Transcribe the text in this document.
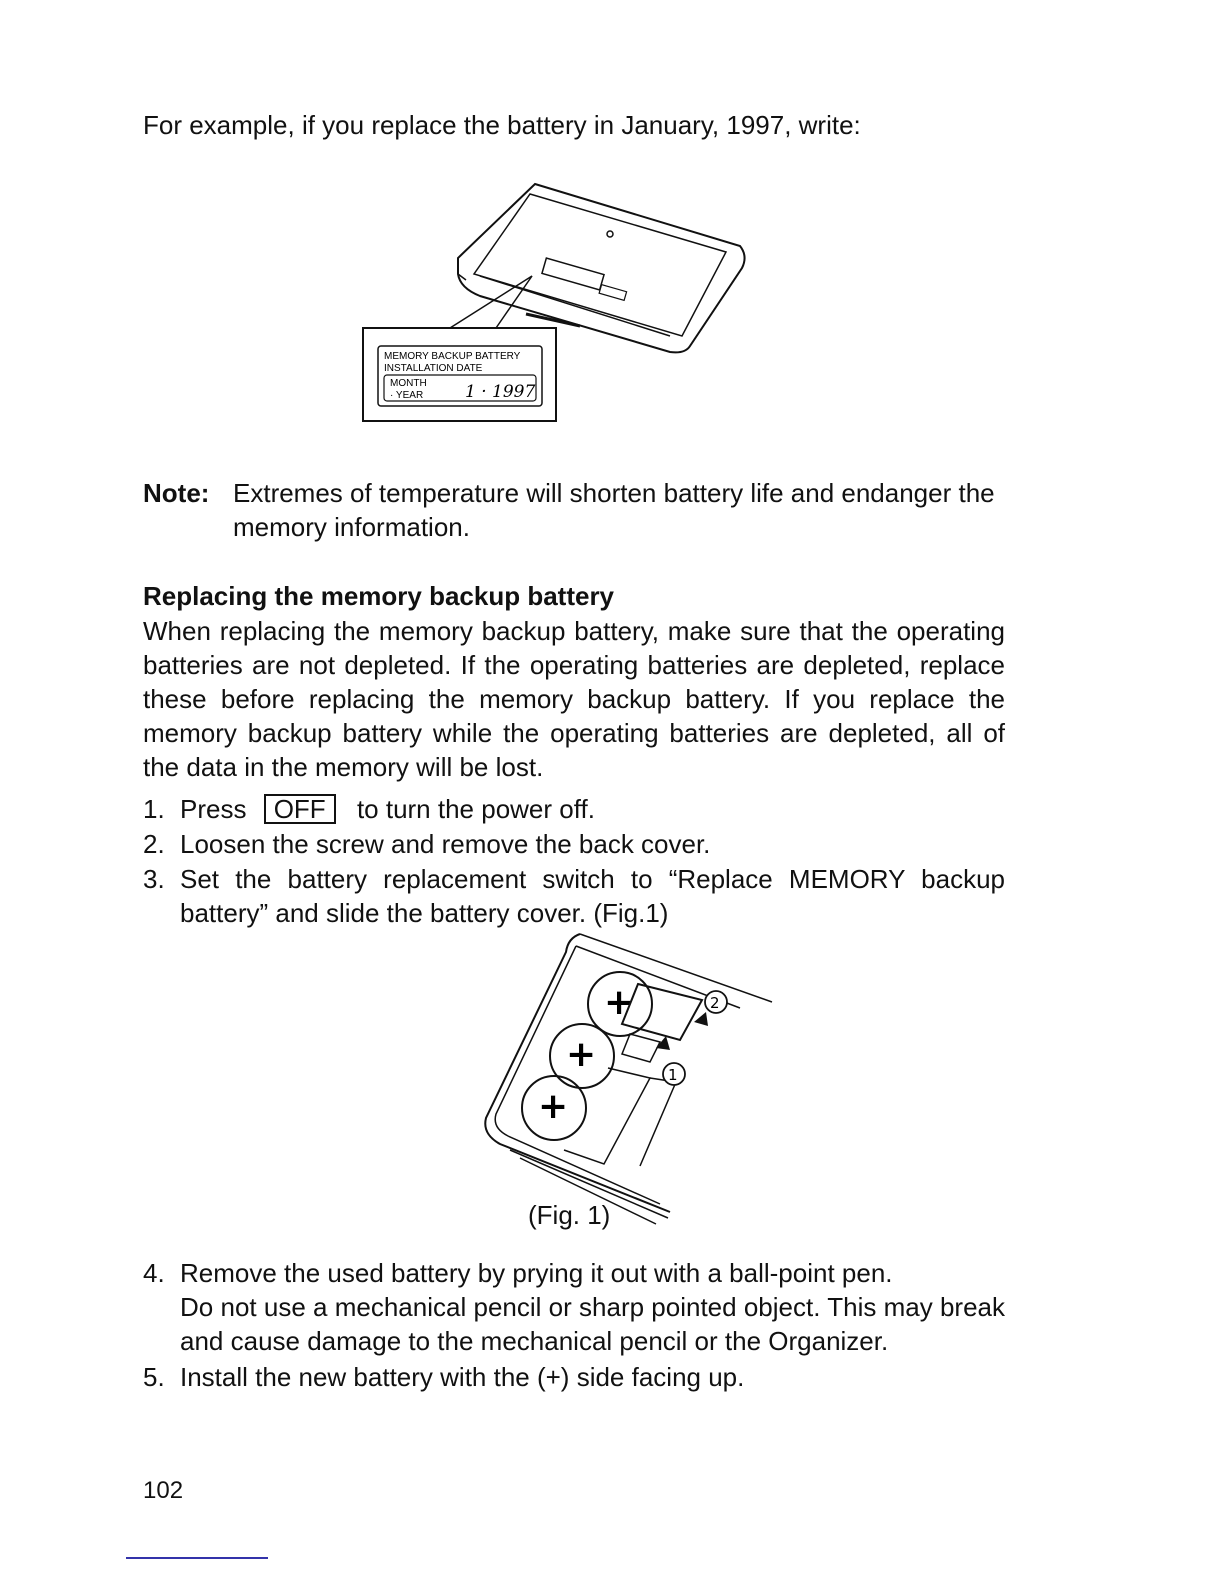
For example, if you replace the battery in January, 1997, write:
MEMORY BACKUP BATTERY
INSTALLATION DATE
MONTH
· YEAR 1 · 1997
Note: Extremes of temperature will shorten battery life and endanger the memory information.
Replacing the memory backup battery
When replacing the memory backup battery, make sure that the operating batteries are not depleted. If the operating batteries are depleted, replace these before replacing the memory backup battery. If you replace the memory backup battery while the operating batteries are depleted, all of the data in the memory will be lost.
1. Press OFF to turn the power off.
2. Loosen the screw and remove the back cover.
3. Set the battery replacement switch to “Replace MEMORY backup battery” and slide the battery cover. (Fig.1)
+
+
+
2
1
(Fig. 1)
4. Remove the used battery by prying it out with a ball-point pen.
Do not use a mechanical pencil or sharp pointed object. This may break and cause damage to the mechanical pencil or the Organizer.
5. Install the new battery with the (+) side facing up.
102
